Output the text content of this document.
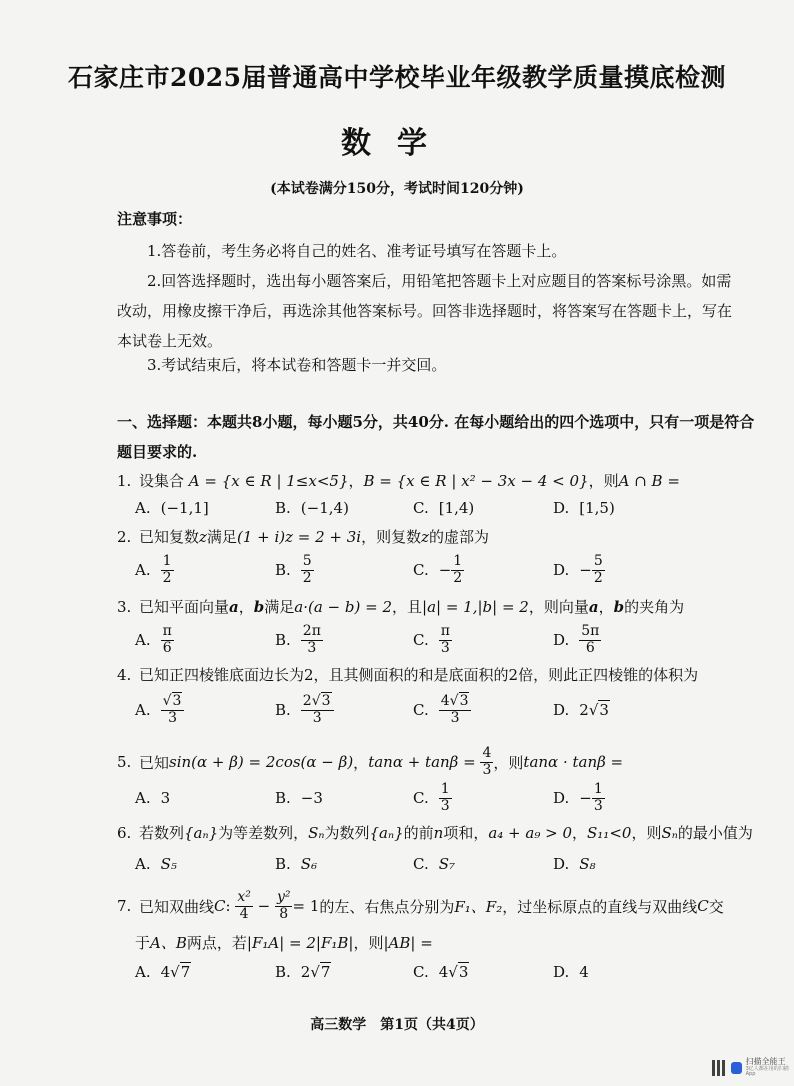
石家庄市2025届普通高中学校毕业年级教学质量摸底检测
数学
(本试卷满分150分，考试时间120分钟)
注意事项：
1.答卷前，考生务必将自己的姓名、准考证号填写在答题卡上。
2.回答选择题时，选出每小题答案后，用铅笔把答题卡上对应题目的答案标号涂黑。如需改动，用橡皮擦干净后，再选涂其他答案标号。回答非选择题时，将答案写在答题卡上，写在本试卷上无效。
3.考试结束后，将本试卷和答题卡一并交回。
一、选择题：本题共8小题，每小题5分，共40分. 在每小题给出的四个选项中，只有一项是符合题目要求的.
1. 设集合 A = {x ∈ R | 1≤x<5}，B = {x ∈ R | x² − 3x − 4 < 0}，则A ∩ B =
A. (−1,1]	B. (−1,4)	C. [1,4)	D. [1,5)
2. 已知复数z满足(1 + i)z = 2 + 3i，则复数z的虚部为
A. $\frac{1}{2}$	B. $\frac{5}{2}$	C. − $\frac{1}{2}$	D. − $\frac{5}{2}$
3. 已知平面向量a，b满足a·(a − b) = 2，且|a| = 1,|b| = 2，则向量a，b的夹角为
A. $\frac{\pi}{6}$	B. $\frac{2\pi}{3}$	C. $\frac{\pi}{3}$	D. $\frac{5\pi}{6}$
4. 已知正四棱锥底面边长为2，且其侧面积的和是底面积的2倍，则此正四棱锥的体积为
A. $\frac{√3}{3}$	B. $\frac{2√3}{3}$	C. $\frac{4√3}{3}$	D. 2 √3
5. 已知 sin(α + β) = 2cos(α − β) ， tanα + tanβ =
$\frac{4}{3}$ ，则 tanα · tanβ =
A. 3	B. −3	C. $\frac{1}{3}$	D. − $\frac{1}{3}$
6. 若数列{aₙ}为等差数列，Sₙ为数列{aₙ}的前n项和，a₄ + a₉ > 0，S₁₁<0，则Sₙ的最小值为
A. S₅	B. S₆	C. S₇	D. S₈
7. 已知双曲线 C : $\frac{\text{x²}}{4} - \frac{\text{y²}}{8} = 1$ 的左、右焦点分别为 F₁、F₂ ，过坐标原点的直线与双曲线 C 交
于A、B两点，若|F₁A| = 2|F₁B|，则|AB| =
A. 4 √7	B. 2 √7	C. 4 √3	D. 4
高三数学　第1页（共4页）
扫描全能王
3亿人都在用的扫描App
